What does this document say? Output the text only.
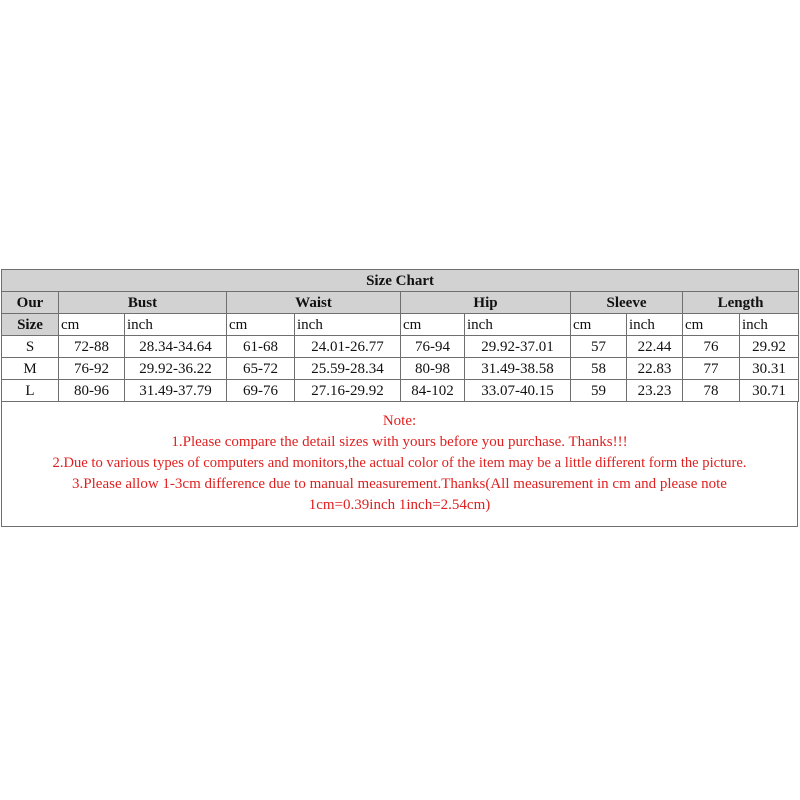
Size Chart										
Our	Bust		Waist		Hip		Sleeve		Length	
Size	cm	inch	cm	inch	cm	inch	cm	inch	cm	inch
S	72-88	28.34-34.64	61-68	24.01-26.77	76-94	29.92-37.01	57	22.44	76	29.92
M	76-92	29.92-36.22	65-72	25.59-28.34	80-98	31.49-38.58	58	22.83	77	30.31
L	80-96	31.49-37.79	69-76	27.16-29.92	84-102	33.07-40.15	59	23.23	78	30.71
Note:
1.Please compare the detail sizes with yours before you purchase. Thanks!!!
2.Due to various types of computers and monitors,the actual color of the item may be a little different form the picture.
3.Please allow 1-3cm difference due to manual measurement.Thanks(All measurement in cm and please note
1cm=0.39inch 1inch=2.54cm)
